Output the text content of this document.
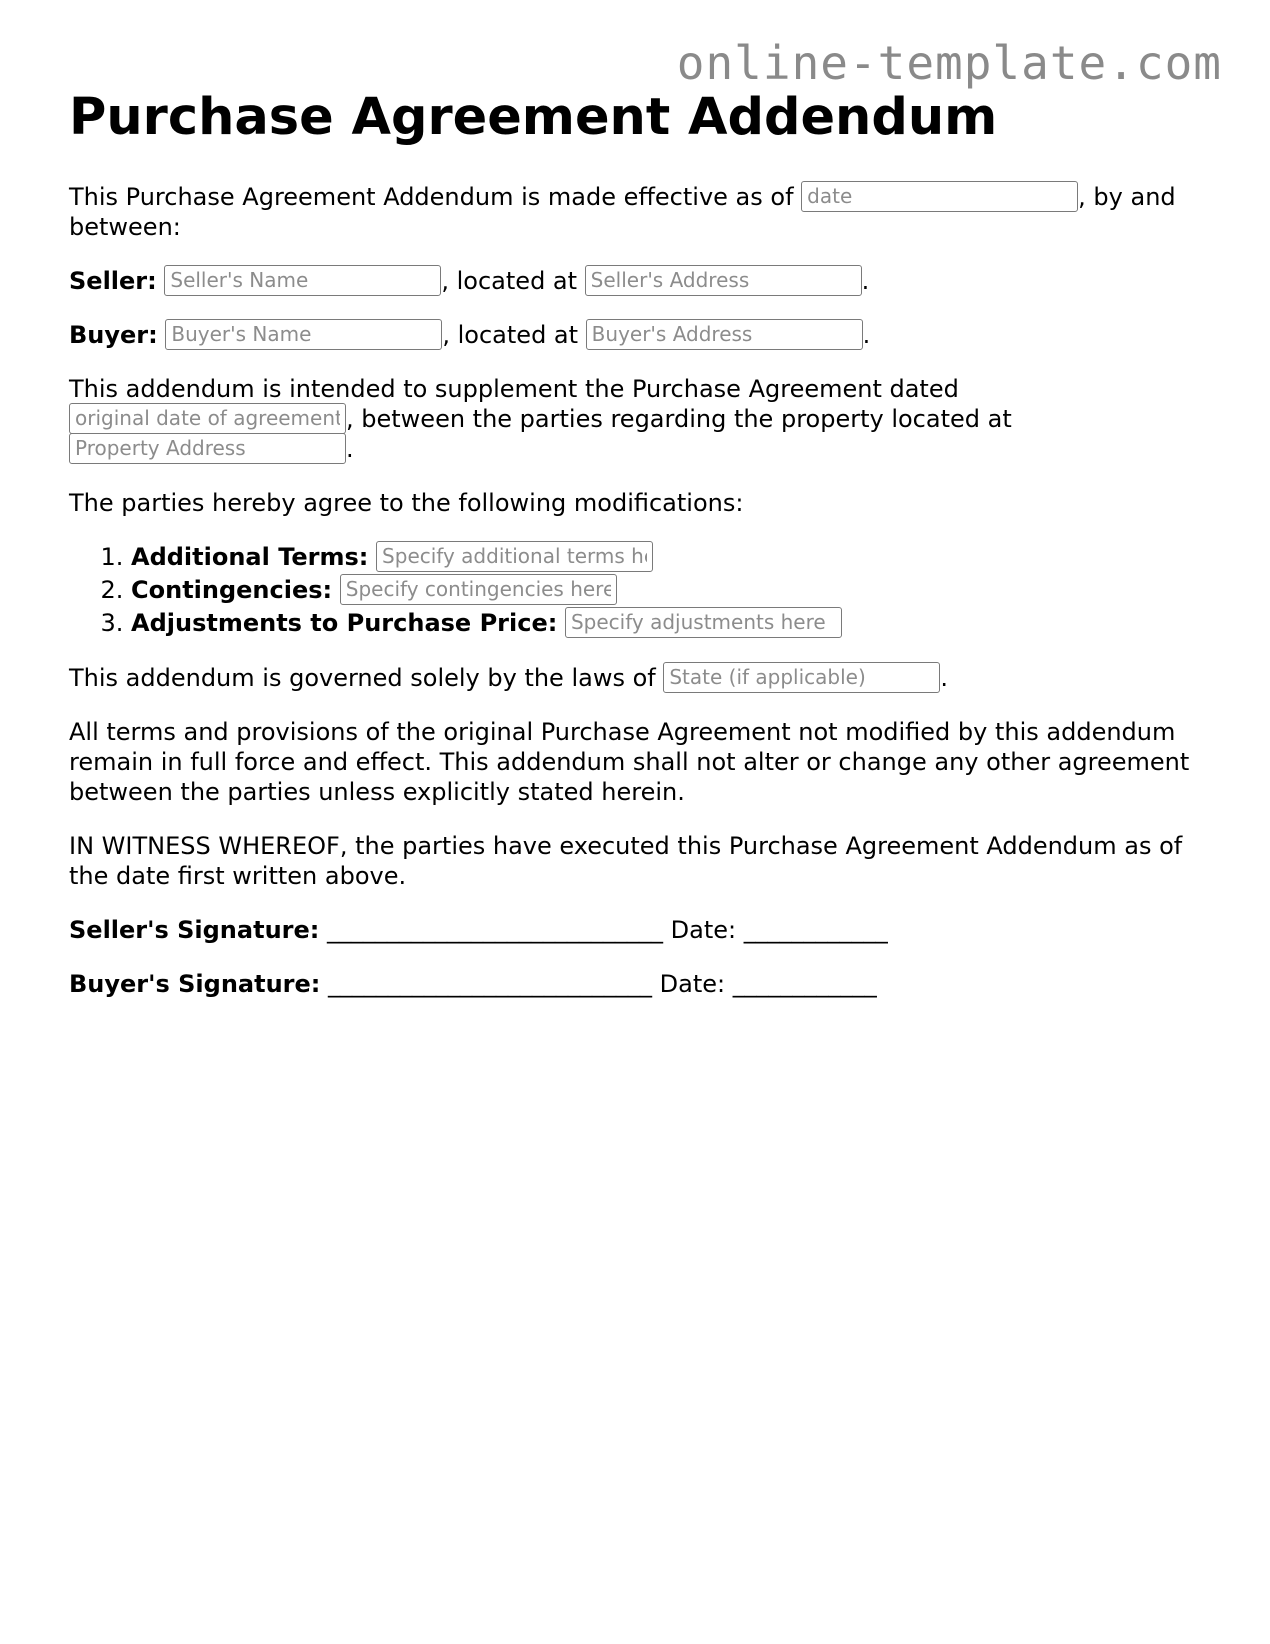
online-template.com
Purchase Agreement Addendum

This Purchase Agreement Addendum is made effective as of date	, by and between:

Seller: Seller's Name	, located at Seller's Address	.

Buyer: Buyer's Name	, located at Buyer's Address	.

This addendum is intended to supplement the Purchase Agreement dated original date of agreement, between the parties regarding the property located at Property Address.

The parties hereby agree to the following modifications:

1. Additional Terms: Specify additional terms here
2. Contingencies: Specify contingencies here
3. Adjustments to Purchase Price: Specify adjustments here

This addendum is governed solely by the laws of State (if applicable)	.

All terms and provisions of the original Purchase Agreement not modified by this addendum remain in full force and effect. This addendum shall not alter or change any other agreement between the parties unless explicitly stated herein.

IN WITNESS WHEREOF, the parties have executed this Purchase Agreement Addendum as of the date first written above.

Seller's Signature: ____________________________ Date: ____________
Buyer's Signature: ___________________________ Date: ____________
